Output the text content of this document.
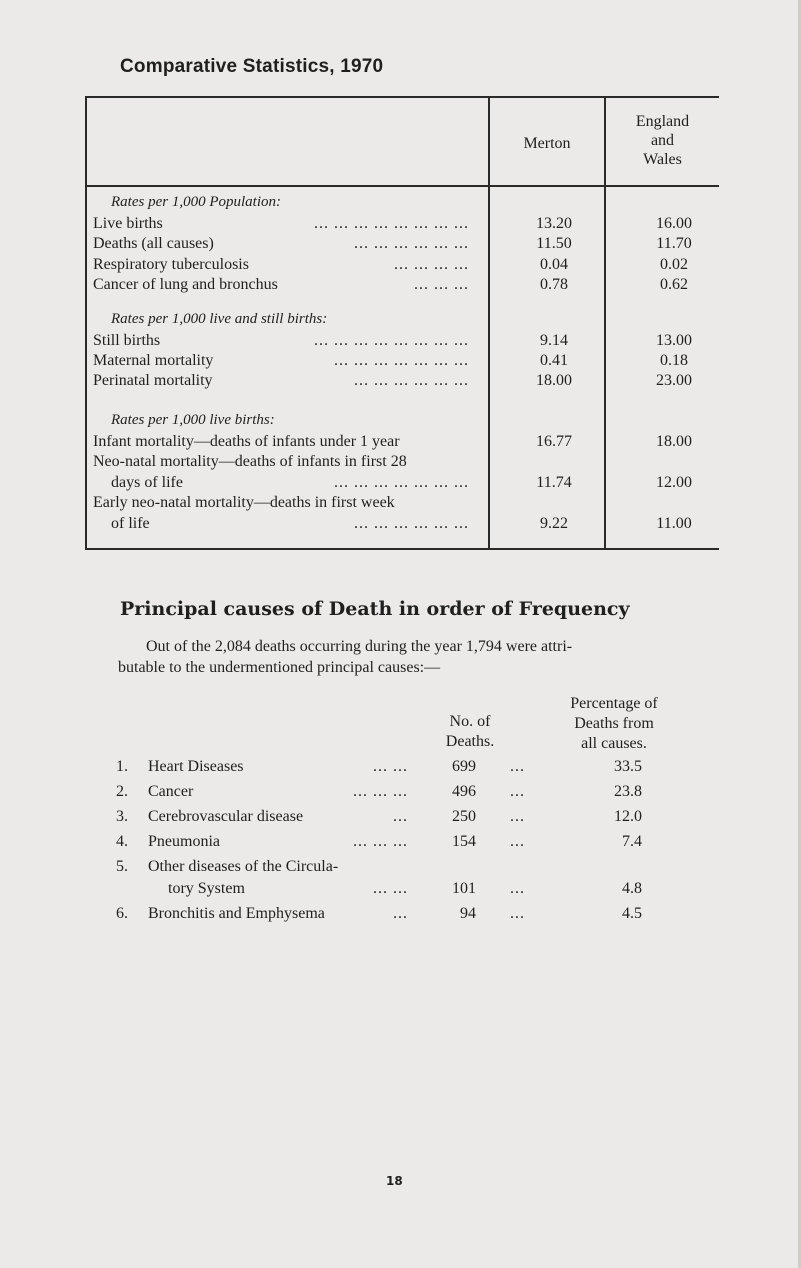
Comparative Statistics, 1970
Merton
England
and
Wales
Rates per 1,000 Population:
Live births	... ... ... ... ... ... ... ...	13.20	16.00
Deaths (all causes)	... ... ... ... ... ...	11.50	11.70
Respiratory tuberculosis	... ... ... ...	0.04	0.02
Cancer of lung and bronchus	... ... ...	0.78	0.62
Rates per 1,000 live and still births:
Still births	... ... ... ... ... ... ... ...	9.14	13.00
Maternal mortality	... ... ... ... ... ... ...	0.41	0.18
Perinatal mortality	... ... ... ... ... ...	18.00	23.00
Rates per 1,000 live births:
Infant mortality—deaths of infants under 1 year	16.77	18.00
Neo-natal mortality—deaths of infants in first 28
days of life	... ... ... ... ... ... ...	11.74	12.00
Early neo-natal mortality—deaths in first week
of life	... ... ... ... ... ...	9.22	11.00
Principal causes of Death in order of Frequency
Out of the 2,084 deaths occurring during the year 1,794 were attri-
butable to the undermentioned principal causes:—
No. of
Deaths.
Percentage of
Deaths from
all causes.
1. Heart Diseases	... ...	699 ...	33.5
2. Cancer	... ... ...	496 ...	23.8
3. Cerebrovascular disease	...	250 ...	12.0
4. Pneumonia	... ... ...	154 ...	7.4
5. Other diseases of the Circula-
tory System	... ...	101 ...	4.8
6. Bronchitis and Emphysema	...	94 ...	4.5
18
